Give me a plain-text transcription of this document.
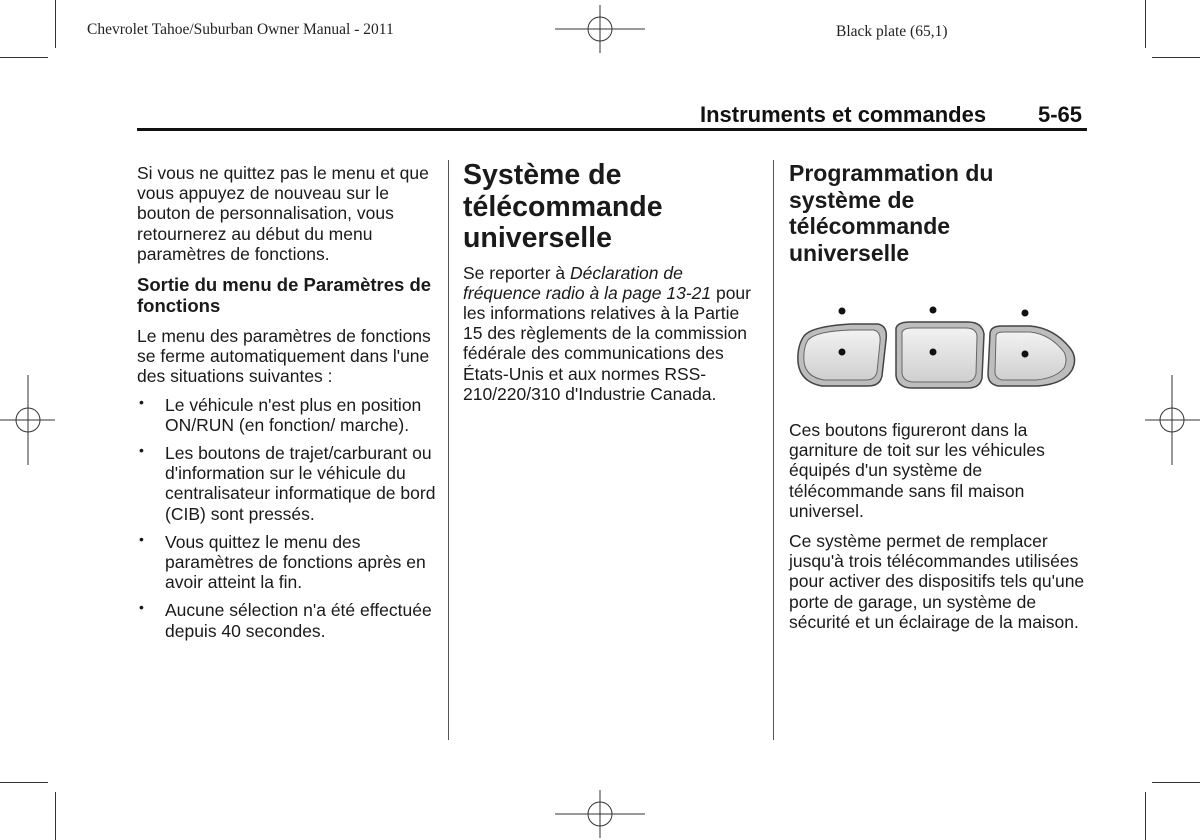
Chevrolet Tahoe/Suburban Owner Manual - 2011	Black plate (65,1)
Instruments et commandes 5-65

Si vous ne quittez pas le menu et que vous appuyez de nouveau sur le bouton de personnalisation, vous retournerez au début du menu paramètres de fonctions.

Sortie du menu de Paramètres de fonctions

Le menu des paramètres de fonctions se ferme automatiquement dans l'une des situations suivantes :

• Le véhicule n'est plus en position ON/RUN (en fonction/ marche).
• Les boutons de trajet/carburant ou d'information sur le véhicule du centralisateur informatique de bord (CIB) sont pressés.
• Vous quittez le menu des paramètres de fonctions après en avoir atteint la fin.
• Aucune sélection n'a été effectuée depuis 40 secondes.

Système de télécommande universelle

Se reporter à Déclaration de fréquence radio à la page 13-21 pour les informations relatives à la Partie 15 des règlements de la commission fédérale des communications des États-Unis et aux normes RSS-210/220/310 d'Industrie Canada.

Programmation du système de télécommande universelle

Ces boutons figureront dans la garniture de toit sur les véhicules équipés d'un système de télécommande sans fil maison universel.

Ce système permet de remplacer jusqu'à trois télécommandes utilisées pour activer des dispositifs tels qu'une porte de garage, un système de sécurité et un éclairage de la maison.
